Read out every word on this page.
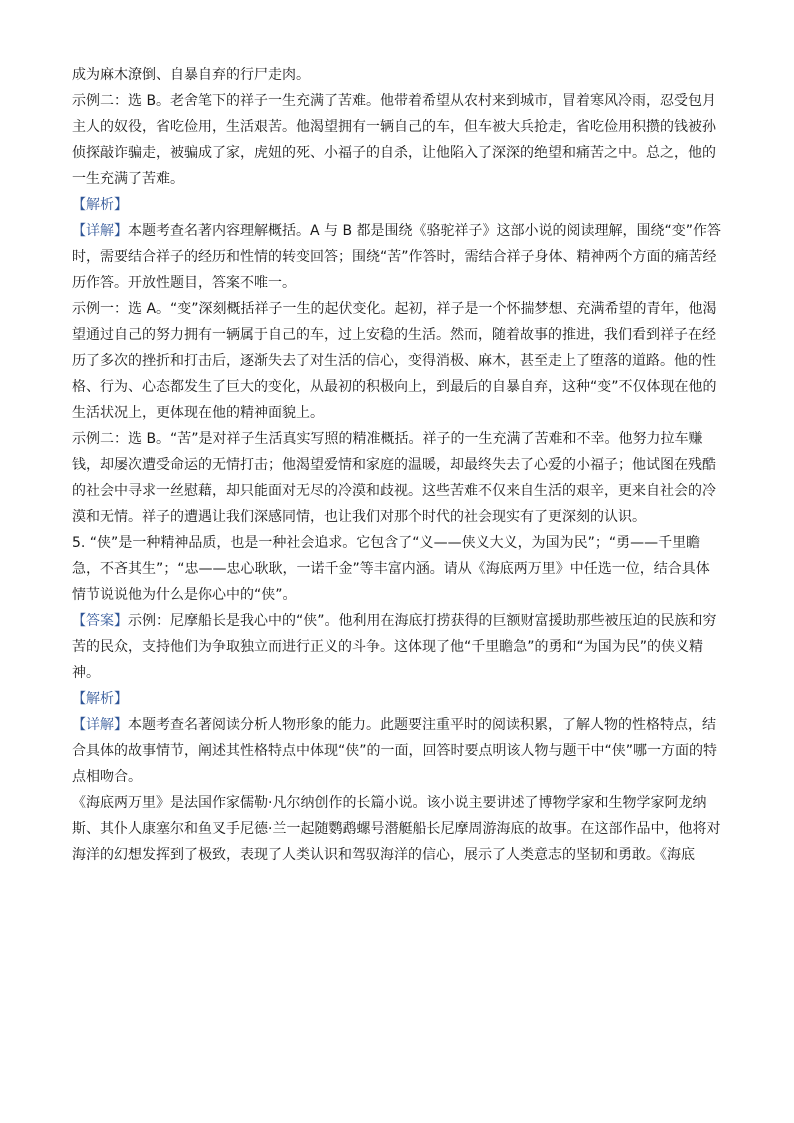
成为麻木潦倒、自暴自弃的行尸走肉。

示例二：选 B。老舍笔下的祥子一生充满了苦难。他带着希望从农村来到城市，冒着寒风冷雨，忍受包月主人的奴役，省吃俭用，生活艰苦。他渴望拥有一辆自己的车，但车被大兵抢走，省吃俭用积攒的钱被孙侦探敲诈骗走，被骗成了家，虎妞的死、小福子的自杀，让他陷入了深深的绝望和痛苦之中。总之，他的一生充满了苦难。

【解析】

【详解】本题考查名著内容理解概括。A 与 B 都是围绕《骆驼祥子》这部小说的阅读理解，围绕“变”作答时，需要结合祥子的经历和性情的转变回答；围绕“苦”作答时，需结合祥子身体、精神两个方面的痛苦经历作答。开放性题目，答案不唯一。

示例一：选 A。“变”深刻概括祥子一生的起伏变化。起初，祥子是一个怀揣梦想、充满希望的青年，他渴望通过自己的努力拥有一辆属于自己的车，过上安稳的生活。然而，随着故事的推进，我们看到祥子在经历了多次的挫折和打击后，逐渐失去了对生活的信心，变得消极、麻木，甚至走上了堕落的道路。他的性格、行为、心态都发生了巨大的变化，从最初的积极向上，到最后的自暴自弃，这种“变”不仅体现在他的生活状况上，更体现在他的精神面貌上。

示例二：选 B。“苦”是对祥子生活真实写照的精准概括。祥子的一生充满了苦难和不幸。他努力拉车赚钱，却屡次遭受命运的无情打击；他渴望爱情和家庭的温暖，却最终失去了心爱的小福子；他试图在残酷的社会中寻求一丝慰藉，却只能面对无尽的冷漠和歧视。这些苦难不仅来自生活的艰辛，更来自社会的冷漠和无情。祥子的遭遇让我们深感同情，也让我们对那个时代的社会现实有了更深刻的认识。

5. “侠”是一种精神品质，也是一种社会追求。它包含了“义——侠义大义，为国为民”；“勇——千里瞻急，不吝其生”；“忠——忠心耿耿，一诺千金”等丰富内涵。请从《海底两万里》中任选一位，结合具体情节说说他为什么是你心中的“侠”。

【答案】示例：尼摩船长是我心中的“侠”。他利用在海底打捞获得的巨额财富援助那些被压迫的民族和穷苦的民众，支持他们为争取独立而进行正义的斗争。这体现了他“千里瞻急”的勇和“为国为民”的侠义精神。

【解析】

【详解】本题考查名著阅读分析人物形象的能力。此题要注重平时的阅读积累，了解人物的性格特点，结合具体的故事情节，阐述其性格特点中体现“侠”的一面，回答时要点明该人物与题干中“侠”哪一方面的特点相吻合。

《海底两万里》是法国作家儒勒·凡尔纳创作的长篇小说。该小说主要讲述了博物学家和生物学家阿龙纳斯、其仆人康塞尔和鱼叉手尼德·兰一起随鹦鹉螺号潜艇船长尼摩周游海底的故事。在这部作品中，他将对海洋的幻想发挥到了极致，表现了人类认识和驾驭海洋的信心，展示了人类意志的坚韧和勇敢。《海底
